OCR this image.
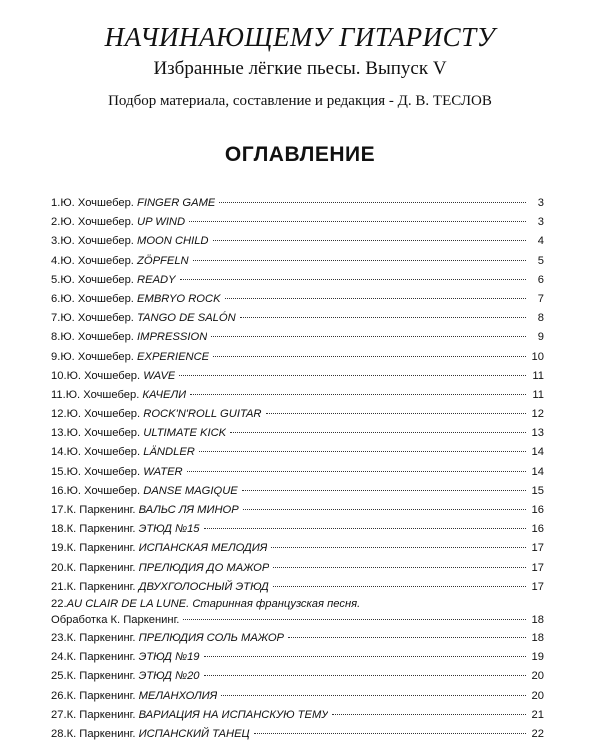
НАЧИНАЮЩЕМУ ГИТАРИСТУ
Избранные лёгкие пьесы. Выпуск V
Подбор материала, составление и редакция - Д. В. ТЕСЛОВ
ОГЛАВЛЕНИЕ
1.Ю. Хочшебер. FINGER GAME	3
2.Ю. Хочшебер. UP WIND	3
3.Ю. Хочшебер. MOON CHILD	4
4.Ю. Хочшебер. ZÖPFELN	5
5.Ю. Хочшебер. READY	6
6.Ю. Хочшебер. EMBRYO ROCK	7
7.Ю. Хочшебер. TANGO DE SALÓN	8
8.Ю. Хочшебер. IMPRESSION	9
9.Ю. Хочшебер. EXPERIENCE	10
10.Ю. Хочшебер. WAVE	11
11.Ю. Хочшебер. КАЧЕЛИ	11
12.Ю. Хочшебер. ROCK'N'ROLL GUITAR	12
13.Ю. Хочшебер. ULTIMATE KICK	13
14.Ю. Хочшебер. LÄNDLER	14
15.Ю. Хочшебер. WATER	14
16.Ю. Хочшебер. DANSE MAGIQUE	15
17.К. Паркенинг. ВАЛЬС ЛЯ МИНОР	16
18.К. Паркенинг. ЭТЮД №15	16
19.К. Паркенинг. ИСПАНСКАЯ МЕЛОДИЯ	17
20.К. Паркенинг. ПРЕЛЮДИЯ ДО МАЖОР	17
21.К. Паркенинг. ДВУХГОЛОСНЫЙ ЭТЮД	17
22.AU CLAIR DE LA LUNE. Старинная французская песня.
Обработка К. Паркенинг.	18
23.К. Паркенинг. ПРЕЛЮДИЯ СОЛЬ МАЖОР	18
24.К. Паркенинг. ЭТЮД №19	19
25.К. Паркенинг. ЭТЮД №20	20
26.К. Паркенинг. МЕЛАНХОЛИЯ	20
27.К. Паркенинг. ВАРИАЦИЯ НА ИСПАНСКУЮ ТЕМУ	21
28.К. Паркенинг. ИСПАНСКИЙ ТАНЕЦ	22
